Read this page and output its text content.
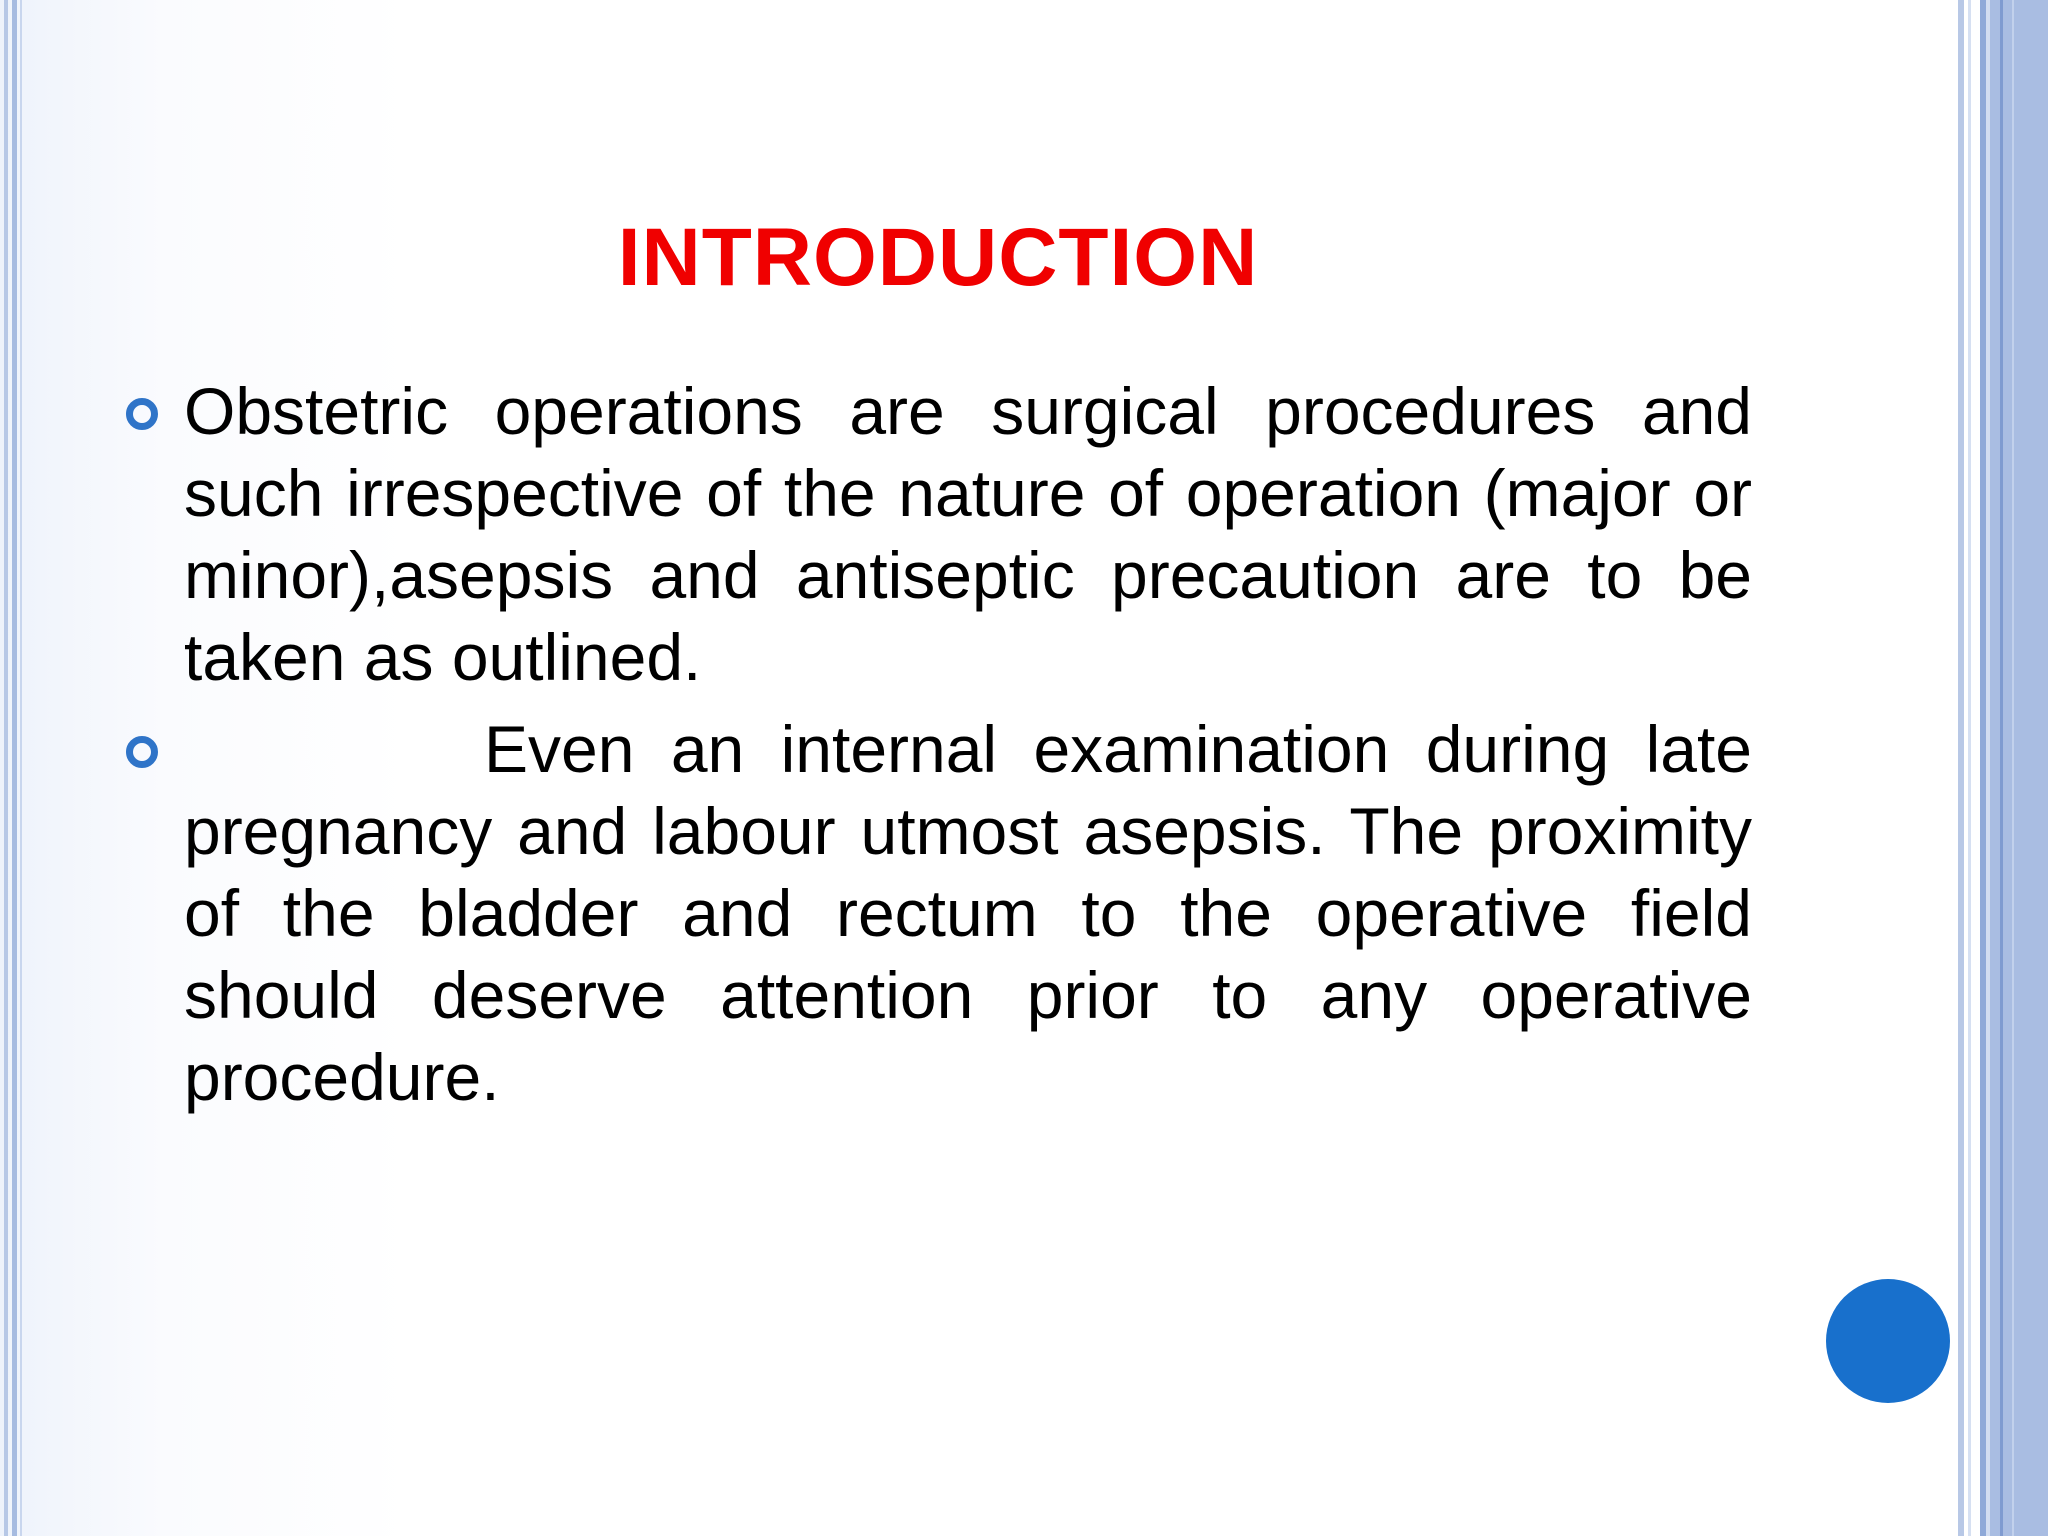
INTRODUCTION
Obstetric operations are surgical procedures and such irrespective of the nature of operation (major or minor),asepsis and antiseptic precaution are to be taken as outlined.
Even an internal examination during late pregnancy and labour utmost asepsis. The proximity of the bladder and rectum to the operative field should deserve attention prior to any operative procedure.
